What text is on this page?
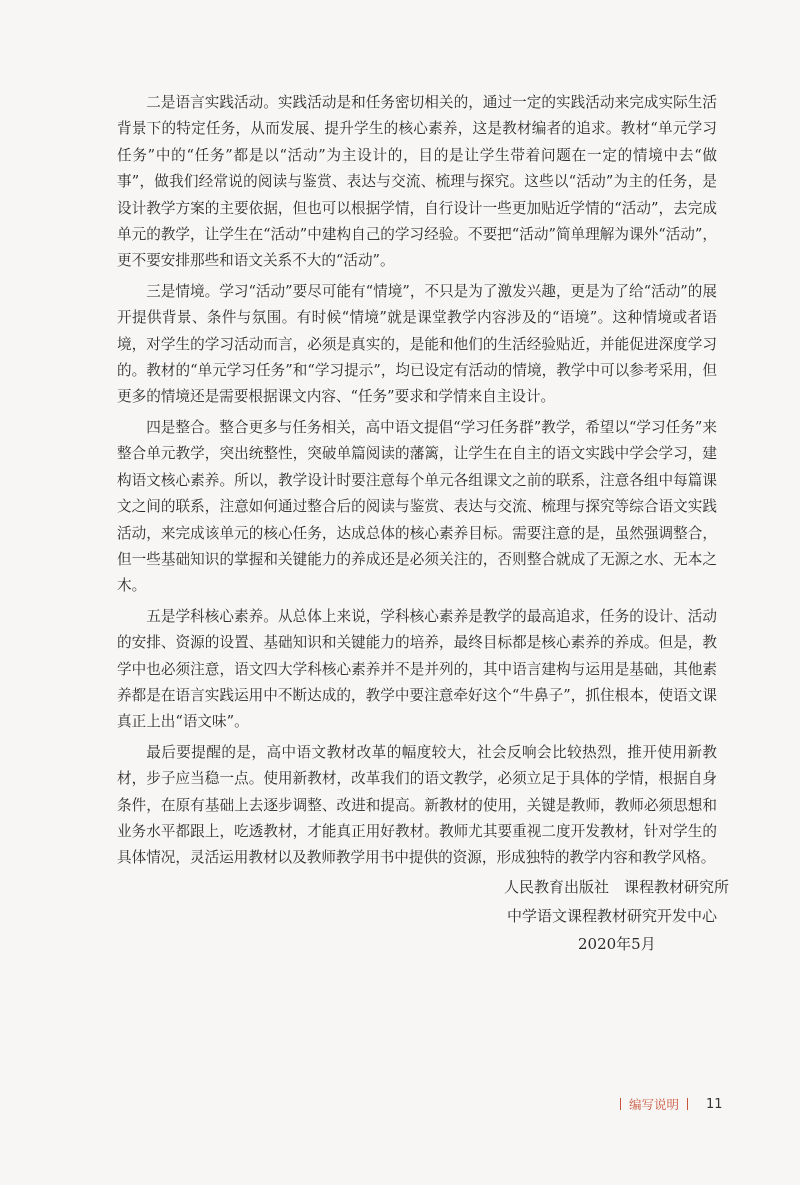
二是语言实践活动。实践活动是和任务密切相关的，通过一定的实践活动来完成实际生活背景下的特定任务，从而发展、提升学生的核心素养，这是教材编者的追求。教材“单元学习任务”中的“任务”都是以“活动”为主设计的，目的是让学生带着问题在一定的情境中去“做事”，做我们经常说的阅读与鉴赏、表达与交流、梳理与探究。这些以“活动”为主的任务，是设计教学方案的主要依据，但也可以根据学情，自行设计一些更加贴近学情的“活动”，去完成单元的教学，让学生在“活动”中建构自己的学习经验。不要把“活动”简单理解为课外“活动”，更不要安排那些和语文关系不大的“活动”。

三是情境。学习“活动”要尽可能有“情境”，不只是为了激发兴趣，更是为了给“活动”的展开提供背景、条件与氛围。有时候“情境”就是课堂教学内容涉及的“语境”。这种情境或者语境，对学生的学习活动而言，必须是真实的，是能和他们的生活经验贴近，并能促进深度学习的。教材的“单元学习任务”和“学习提示”，均已设定有活动的情境，教学中可以参考采用，但更多的情境还是需要根据课文内容、“任务”要求和学情来自主设计。

四是整合。整合更多与任务相关，高中语文提倡“学习任务群”教学，希望以“学习任务”来整合单元教学，突出统整性，突破单篇阅读的藩篱，让学生在自主的语文实践中学会学习，建构语文核心素养。所以，教学设计时要注意每个单元各组课文之前的联系，注意各组中每篇课文之间的联系，注意如何通过整合后的阅读与鉴赏、表达与交流、梳理与探究等综合语文实践活动，来完成该单元的核心任务，达成总体的核心素养目标。需要注意的是，虽然强调整合，但一些基础知识的掌握和关键能力的养成还是必须关注的，否则整合就成了无源之水、无本之木。

五是学科核心素养。从总体上来说，学科核心素养是教学的最高追求，任务的设计、活动的安排、资源的设置、基础知识和关键能力的培养，最终目标都是核心素养的养成。但是，教学中也必须注意，语文四大学科核心素养并不是并列的，其中语言建构与运用是基础，其他素养都是在语言实践运用中不断达成的，教学中要注意牵好这个“牛鼻子”，抓住根本，使语文课真正上出“语文味”。

最后要提醒的是，高中语文教材改革的幅度较大，社会反响会比较热烈，推开使用新教材，步子应当稳一点。使用新教材，改革我们的语文教学，必须立足于具体的学情，根据自身条件，在原有基础上去逐步调整、改进和提高。新教材的使用，关键是教师，教师必须思想和业务水平都跟上，吃透教材，才能真正用好教材。教师尤其要重视二度开发教材，针对学生的具体情况，灵活运用教材以及教师教学用书中提供的资源，形成独特的教学内容和教学风格。

人民教育出版社　课程教材研究所
中学语文课程教材研究开发中心
2020年5月
编写说明 11
